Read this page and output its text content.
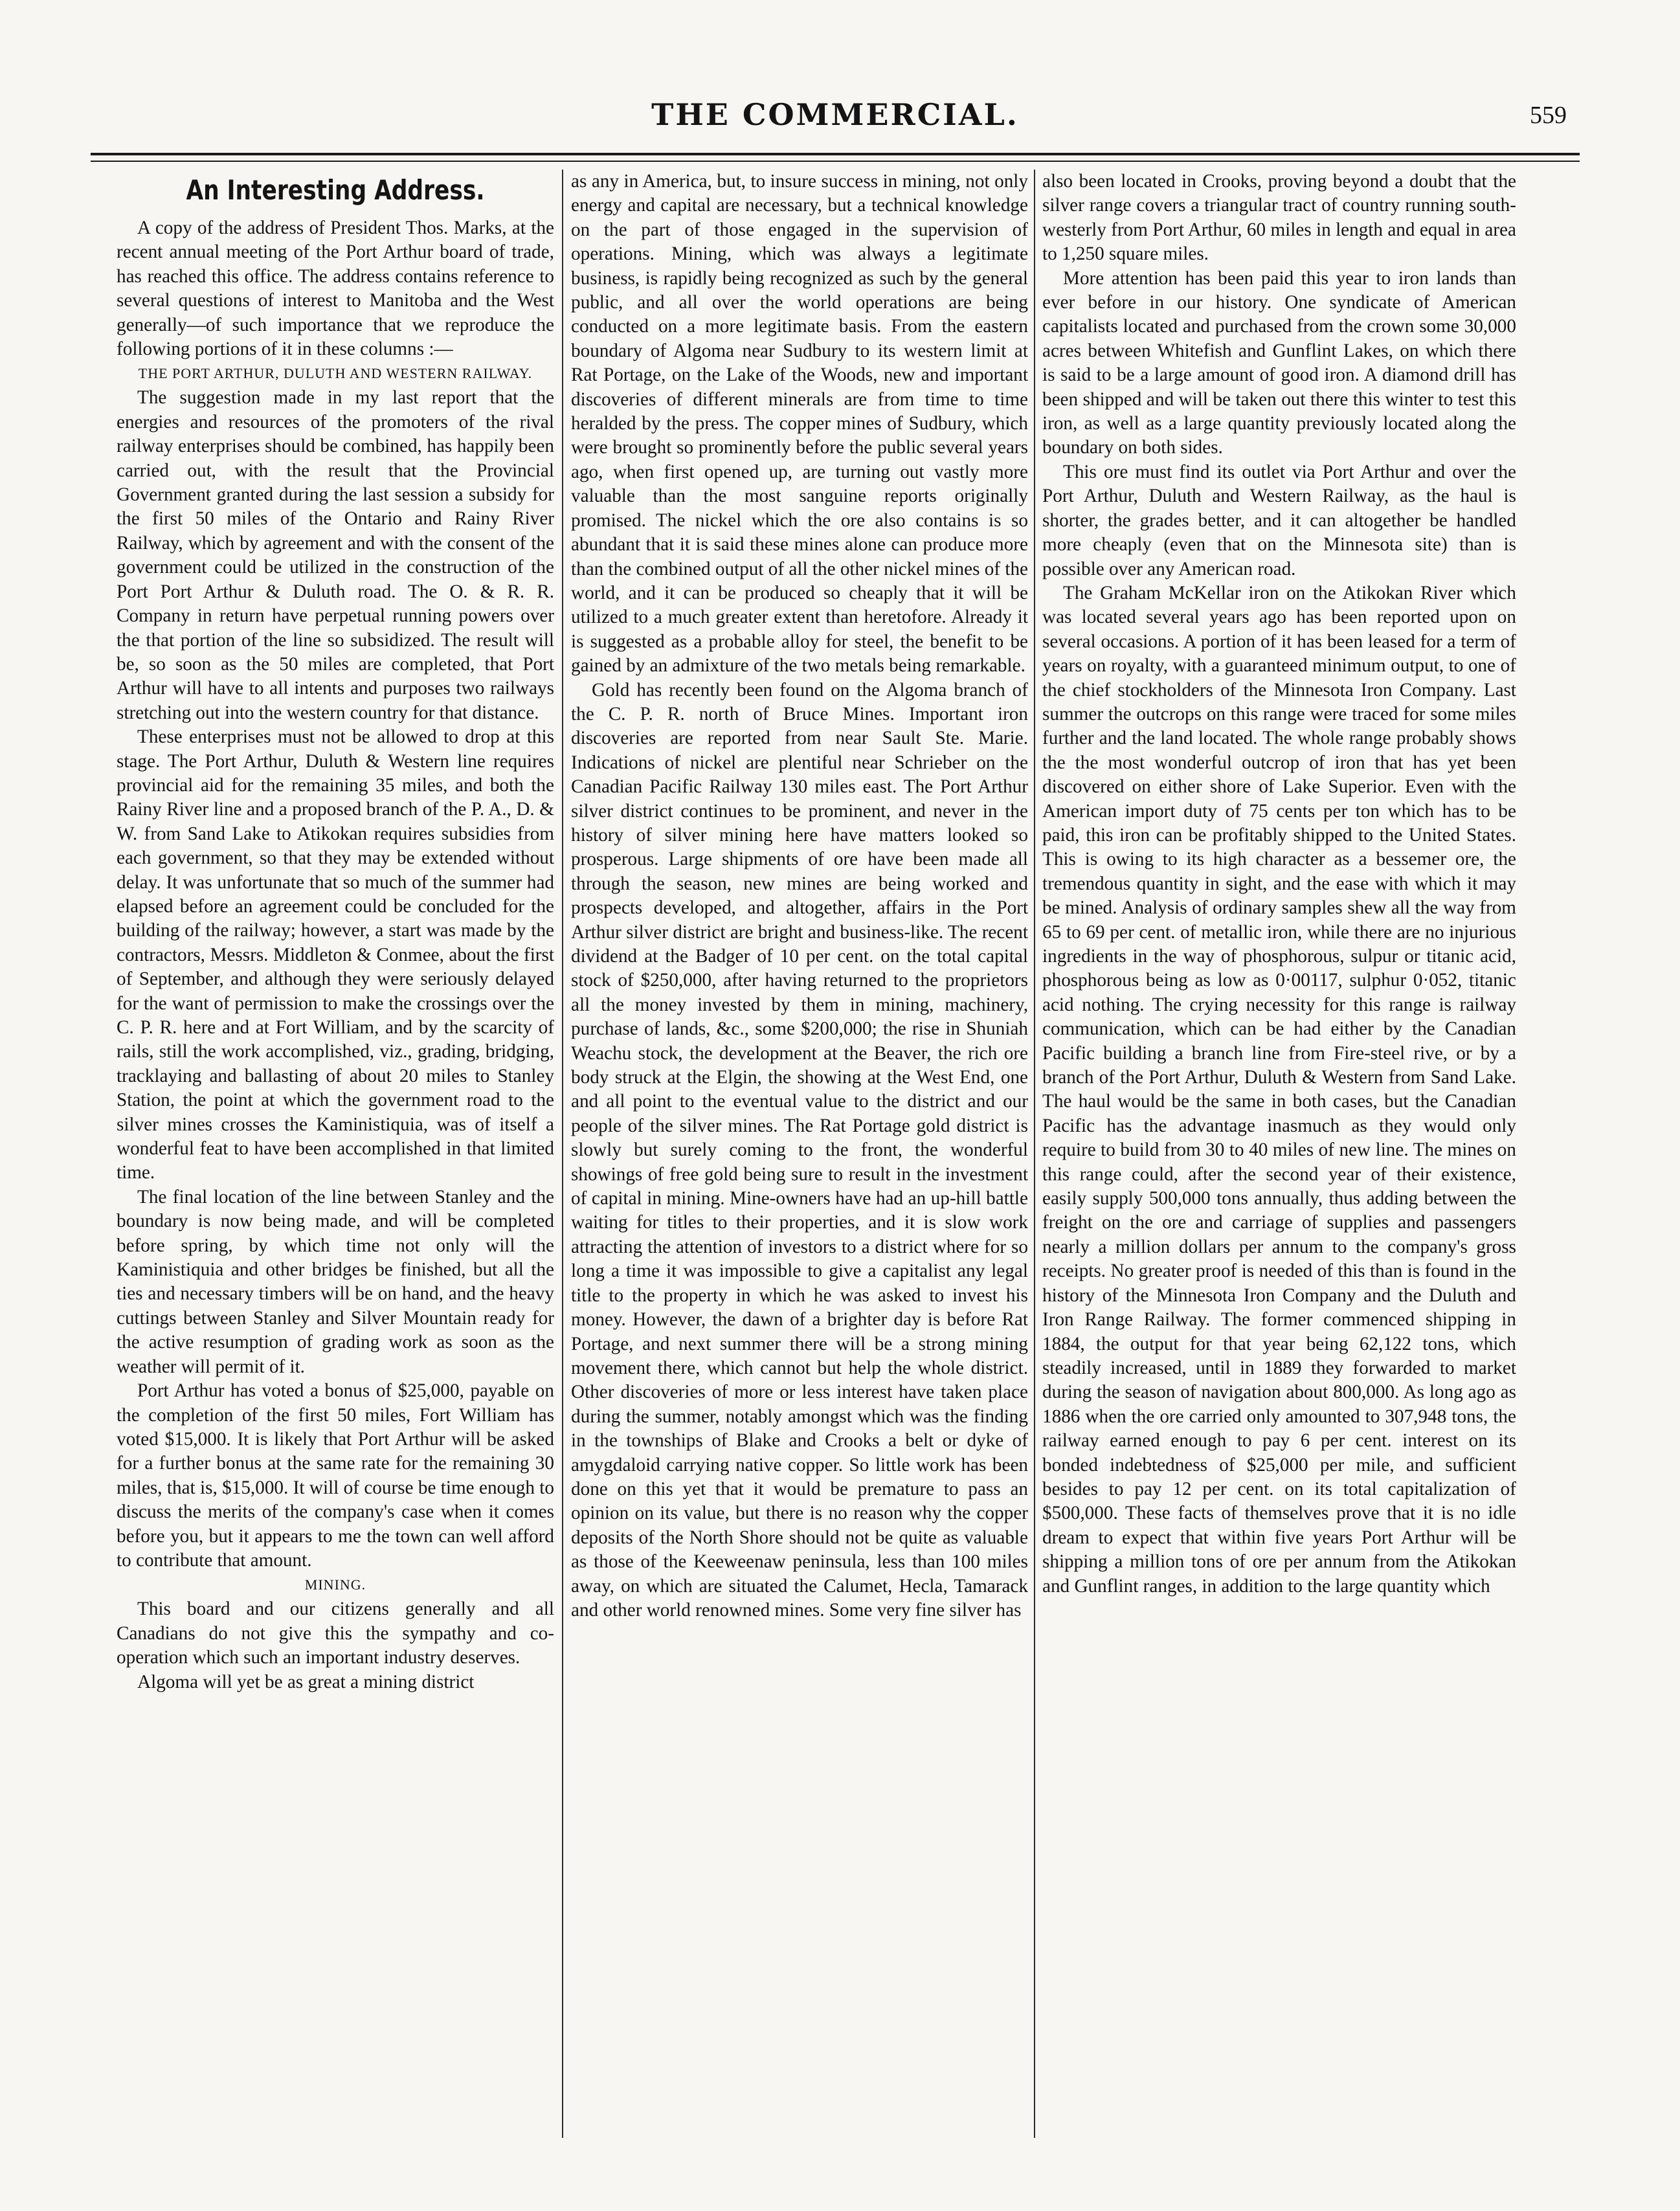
THE COMMERCIAL.	559
An Interesting Address.

A copy of the address of President Thos. Marks, at the recent annual meeting of the Port Arthur board of trade, has reached this office. The address contains reference to several questions of interest to Manitoba and the West generally—of such importance that we reproduce the following portions of it in these columns :—

THE PORT ARTHUR, DULUTH AND WESTERN RAILWAY.

The suggestion made in my last report that the energies and resources of the promoters of the rival railway enterprises should be combined, has happily been carried out, with the result that the Provincial Government granted during the last session a subsidy for the first 50 miles of the Ontario and Rainy River Railway, which by agreement and with the consent of the government could be utilized in the construction of the Port Port Arthur & Duluth road. The O. & R. R. Company in return have perpetual running powers over the that portion of the line so subsidized. The result will be, so soon as the 50 miles are completed, that Port Arthur will have to all intents and purposes two railways stretching out into the western country for that distance.

These enterprises must not be allowed to drop at this stage. The Port Arthur, Duluth & Western line requires provincial aid for the remaining 35 miles, and both the Rainy River line and a proposed branch of the P. A., D. & W. from Sand Lake to Atikokan requires subsidies from each government, so that they may be extended without delay. It was unfortunate that so much of the summer had elapsed before an agreement could be concluded for the building of the railway; however, a start was made by the contractors, Messrs. Middleton & Conmee, about the first of September, and although they were seriously delayed for the want of permission to make the crossings over the C. P. R. here and at Fort William, and by the scarcity of rails, still the work accomplished, viz., grading, bridging, tracklaying and ballasting of about 20 miles to Stanley Station, the point at which the government road to the silver mines crosses the Kaministiquia, was of itself a wonderful feat to have been accomplished in that limited time.

The final location of the line between Stanley and the boundary is now being made, and will be completed before spring, by which time not only will the Kaministiquia and other bridges be finished, but all the ties and necessary timbers will be on hand, and the heavy cuttings between Stanley and Silver Mountain ready for the active resumption of grading work as soon as the weather will permit of it.

Port Arthur has voted a bonus of $25,000, payable on the completion of the first 50 miles, Fort William has voted $15,000. It is likely that Port Arthur will be asked for a further bonus at the same rate for the remaining 30 miles, that is, $15,000. It will of course be time enough to discuss the merits of the company's case when it comes before you, but it appears to me the town can well afford to contribute that amount.

MINING.

This board and our citizens generally and all Canadians do not give this the sympathy and co-operation which such an important industry deserves.

Algoma will yet be as great a mining district

as any in America, but, to insure success in mining, not only energy and capital are necessary, but a technical knowledge on the part of those engaged in the supervision of operations. Mining, which was always a legitimate business, is rapidly being recognized as such by the general public, and all over the world operations are being conducted on a more legitimate basis. From the eastern boundary of Algoma near Sudbury to its western limit at Rat Portage, on the Lake of the Woods, new and important discoveries of different minerals are from time to time heralded by the press. The copper mines of Sudbury, which were brought so prominently before the public several years ago, when first opened up, are turning out vastly more valuable than the most sanguine reports originally promised. The nickel which the ore also contains is so abundant that it is said these mines alone can produce more than the combined output of all the other nickel mines of the world, and it can be produced so cheaply that it will be utilized to a much greater extent than heretofore. Already it is suggested as a probable alloy for steel, the benefit to be gained by an admixture of the two metals being remarkable.

Gold has recently been found on the Algoma branch of the C. P. R. north of Bruce Mines. Important iron discoveries are reported from near Sault Ste. Marie. Indications of nickel are plentiful near Schrieber on the Canadian Pacific Railway 130 miles east. The Port Arthur silver district continues to be prominent, and never in the history of silver mining here have matters looked so prosperous. Large shipments of ore have been made all through the season, new mines are being worked and prospects developed, and altogether, affairs in the Port Arthur silver district are bright and business-like. The recent dividend at the Badger of 10 per cent. on the total capital stock of $250,000, after having returned to the proprietors all the money invested by them in mining, machinery, purchase of lands, &c., some $200,000; the rise in Shuniah Weachu stock, the development at the Beaver, the rich ore body struck at the Elgin, the showing at the West End, one and all point to the eventual value to the district and our people of the silver mines. The Rat Portage gold district is slowly but surely coming to the front, the wonderful showings of free gold being sure to result in the investment of capital in mining. Mine-owners have had an up-hill battle waiting for titles to their properties, and it is slow work attracting the attention of investors to a district where for so long a time it was impossible to give a capitalist any legal title to the property in which he was asked to invest his money. However, the dawn of a brighter day is before Rat Portage, and next summer there will be a strong mining movement there, which cannot but help the whole district. Other discoveries of more or less interest have taken place during the summer, notably amongst which was the finding in the townships of Blake and Crooks a belt or dyke of amygdaloid carrying native copper. So little work has been done on this yet that it would be premature to pass an opinion on its value, but there is no reason why the copper deposits of the North Shore should not be quite as valuable as those of the Keeweenaw peninsula, less than 100 miles away, on which are situated the Calumet, Hecla, Tamarack and other world renowned mines. Some very fine silver has

also been located in Crooks, proving beyond a doubt that the silver range covers a triangular tract of country running south-westerly from Port Arthur, 60 miles in length and equal in area to 1,250 square miles.

More attention has been paid this year to iron lands than ever before in our history. One syndicate of American capitalists located and purchased from the crown some 30,000 acres between Whitefish and Gunflint Lakes, on which there is said to be a large amount of good iron. A diamond drill has been shipped and will be taken out there this winter to test this iron, as well as a large quantity previously located along the boundary on both sides.

This ore must find its outlet via Port Arthur and over the Port Arthur, Duluth and Western Railway, as the haul is shorter, the grades better, and it can altogether be handled more cheaply (even that on the Minnesota site) than is possible over any American road.

The Graham McKellar iron on the Atikokan River which was located several years ago has been reported upon on several occasions. A portion of it has been leased for a term of years on royalty, with a guaranteed minimum output, to one of the chief stockholders of the Minnesota Iron Company. Last summer the outcrops on this range were traced for some miles further and the land located. The whole range probably shows the the most wonderful outcrop of iron that has yet been discovered on either shore of Lake Superior. Even with the American import duty of 75 cents per ton which has to be paid, this iron can be profitably shipped to the United States. This is owing to its high character as a bessemer ore, the tremendous quantity in sight, and the ease with which it may be mined. Analysis of ordinary samples shew all the way from 65 to 69 per cent. of metallic iron, while there are no injurious ingredients in the way of phosphorous, sulpur or titanic acid, phosphorous being as low as 0·00117, sulphur 0·052, titanic acid nothing. The crying necessity for this range is railway communication, which can be had either by the Canadian Pacific building a branch line from Fire-steel rive, or by a branch of the Port Arthur, Duluth & Western from Sand Lake. The haul would be the same in both cases, but the Canadian Pacific has the advantage inasmuch as they would only require to build from 30 to 40 miles of new line. The mines on this range could, after the second year of their existence, easily supply 500,000 tons annually, thus adding between the freight on the ore and carriage of supplies and passengers nearly a million dollars per annum to the company's gross receipts. No greater proof is needed of this than is found in the history of the Minnesota Iron Company and the Duluth and Iron Range Railway. The former commenced shipping in 1884, the output for that year being 62,122 tons, which steadily increased, until in 1889 they forwarded to market during the season of navigation about 800,000. As long ago as 1886 when the ore carried only amounted to 307,948 tons, the railway earned enough to pay 6 per cent. interest on its bonded indebtedness of $25,000 per mile, and sufficient besides to pay 12 per cent. on its total capitalization of $500,000. These facts of themselves prove that it is no idle dream to expect that within five years Port Arthur will be shipping a million tons of ore per annum from the Atikokan and Gunflint ranges, in addition to the large quantity which
